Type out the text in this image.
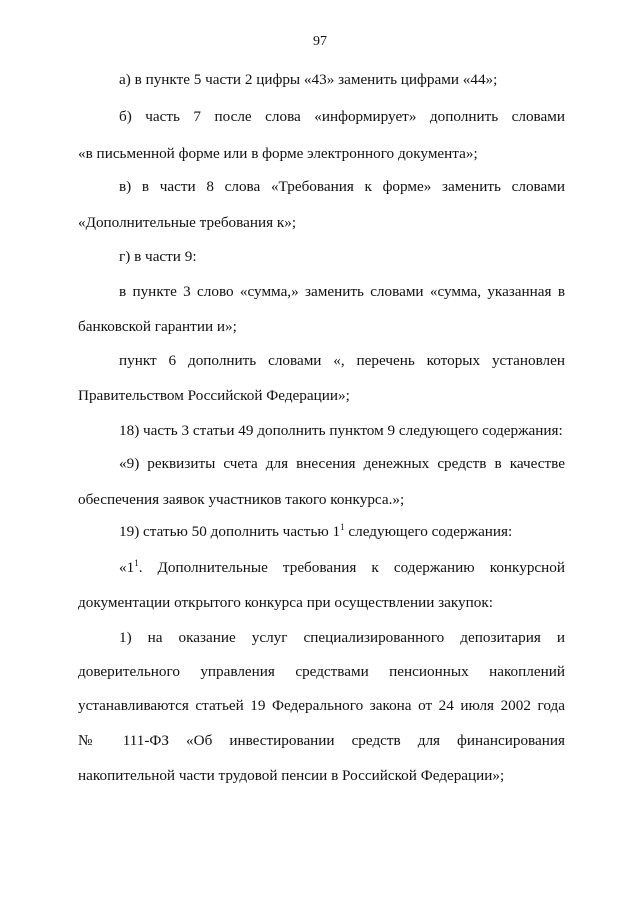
97
а) в пункте 5 части 2 цифры «43» заменить цифрами «44»;
б) часть 7 после слова «информирует» дополнить словами
«в письменной форме или в форме электронного документа»;
в) в части 8 слова «Требования к форме» заменить словами
«Дополнительные требования к»;
г) в части 9:
в пункте 3 слово «сумма,» заменить словами «сумма, указанная в
банковской гарантии и»;
пункт 6 дополнить словами «, перечень которых установлен
Правительством Российской Федерации»;
18) часть 3 статьи 49 дополнить пунктом 9 следующего содержания:
«9) реквизиты счета для внесения денежных средств в качестве
обеспечения заявок участников такого конкурса.»;
19) статью 50 дополнить частью $1^1$ следующего содержания:
«$1^1$. Дополнительные требования к содержанию конкурсной
документации открытого конкурса при осуществлении закупок:
1) на оказание услуг специализированного депозитария и
доверительного управления средствами пенсионных накоплений
устанавливаются статьей 19 Федерального закона от 24 июля 2002 года
№ 111-ФЗ «Об инвестировании средств для финансирования
накопительной части трудовой пенсии в Российской Федерации»;
